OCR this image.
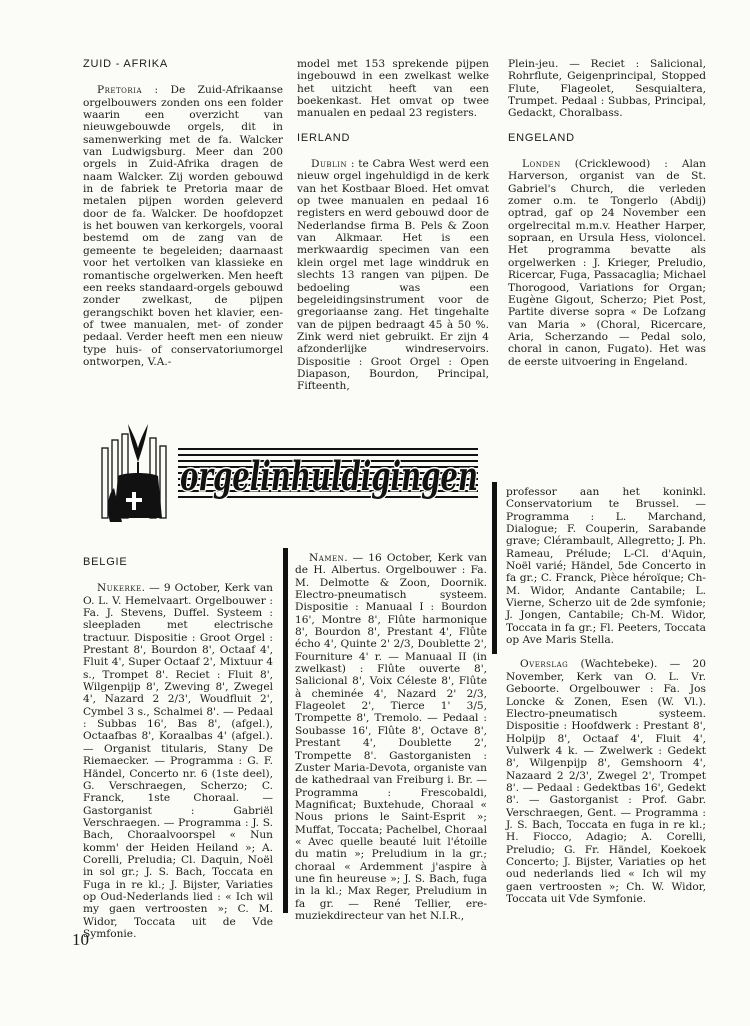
ZUID - AFRIKA

Pretoria : De Zuid-Afrikaanse orgelbouwers zonden ons een folder waarin een overzicht van nieuwgebouwde orgels, dit in samenwerking met de fa. Walcker van Ludwigsburg. Meer dan 200 orgels in Zuid-Afrika dragen de naam Walcker. Zij worden gebouwd in de fabriek te Pretoria maar de metalen pijpen worden geleverd door de fa. Walcker. De hoofdopzet is het bouwen van kerkorgels, vooral bestemd om de zang van de gemeente te begeleiden; daarnaast voor het vertolken van klassieke en romantische orgelwerken. Men heeft een reeks standaard-orgels gebouwd zonder zwelkast, de pijpen gerangschikt boven het klavier, een- of twee manualen, met- of zonder pedaal. Verder heeft men een nieuw type huis- of conservatoriumorgel ontworpen, V.A.-

model met 153 sprekende pijpen ingebouwd in een zwelkast welke het uitzicht heeft van een boekenkast. Het omvat op twee manualen en pedaal 23 registers.

IERLAND

Dublin : te Cabra West werd een nieuw orgel ingehuldigd in de kerk van het Kostbaar Bloed. Het omvat op twee manualen en pedaal 16 registers en werd gebouwd door de Nederlandse firma B. Pels & Zoon van Alkmaar. Het is een merkwaardig specimen van een klein orgel met lage winddruk en slechts 13 rangen van pijpen. De bedoeling was een begeleidingsinstrument voor de gregoriaanse zang. Het tingehalte van de pijpen bedraagt 45 à 50 %. Zink werd niet gebruikt. Er zijn 4 afzonderlijke windreservoirs. Dispositie : Groot Orgel : Open Diapason, Bourdon, Principal, Fifteenth,

Plein-jeu. — Reciet : Salicional, Rohrflute, Geigenprincipal, Stopped Flute, Flageolet, Sesquialtera, Trumpet. Pedaal : Subbas, Principal, Gedackt, Choralbass.

ENGELAND

Londen (Cricklewood) : Alan Harverson, organist van de St. Gabriel's Church, die verleden zomer o.m. te Tongerlo (Abdij) optrad, gaf op 24 November een orgelrecital m.m.v. Heather Harper, sopraan, en Ursula Hess, violoncel. Het programma bevatte als orgelwerken : J. Krieger, Preludio, Ricercar, Fuga, Passacaglia; Michael Thorogood, Variations for Organ; Eugène Gigout, Scherzo; Piet Post, Partite diverse sopra « De Lofzang van Maria » (Choral, Ricercare, Aria, Scherzando — Pedal solo, choral in canon, Fugato). Het was de eerste uitvoering in Engeland.

orgelinhuldigingen
BELGIE

Nukerke. — 9 October, Kerk van O. L. V. Hemelvaart. Orgelbouwer : Fa. J. Stevens, Duffel. Systeem : sleepladen met electrische tractuur. Dispositie : Groot Orgel : Prestant 8', Bourdon 8', Octaaf 4', Fluit 4', Super Octaaf 2', Mixtuur 4 s., Trompet 8'. Reciet : Fluit 8', Wilgenpijp 8', Zweving 8', Zwegel 4', Nazard 2 2/3', Woudfluit 2', Cymbel 3 s., Schalmei 8'. — Pedaal : Subbas 16', Bas 8', (afgel.), Octaafbas 8', Koraalbas 4' (afgel.). — Organist titularis, Stany De Riemaecker. — Programma : G. F. Händel, Concerto nr. 6 (1ste deel), G. Verschraegen, Scherzo; C. Franck, 1ste Choraal. — Gastorganist : Gabriël Verschraegen. — Programma : J. S. Bach, Choraalvoorspel « Nun komm' der Heiden Heiland »; A. Corelli, Preludia; Cl. Daquin, Noël in sol gr.; J. S. Bach, Toccata en Fuga in re kl.; J. Bijster, Variaties op Oud-Nederlands lied : « Ich wil my gaen vertroosten »; C. M. Widor, Toccata uit de Vde Symfonie.

Namen. — 16 October, Kerk van de H. Albertus. Orgelbouwer : Fa. M. Delmotte & Zoon, Doornik. Electro-pneumatisch systeem. Dispositie : Manuaal I : Bourdon 16', Montre 8', Flûte harmonique 8', Bourdon 8', Prestant 4', Flûte écho 4', Quinte 2' 2/3, Doublette 2', Fourniture 4' r. — Manuaal II (in zwelkast) : Flûte ouverte 8', Salicional 8', Voix Céleste 8', Flûte à cheminée 4', Nazard 2' 2/3, Flageolet 2', Tierce 1' 3/5, Trompette 8', Tremolo. — Pedaal : Soubasse 16', Flûte 8', Octave 8', Prestant 4', Doublette 2', Trompette 8'. Gastorganisten : Zuster Maria-Devota, organiste van de kathedraal van Freiburg i. Br. — Programma : Frescobaldi, Magnificat; Buxtehude, Choraal « Nous prions le Saint-Esprit »; Muffat, Toccata; Pachelbel, Choraal « Avec quelle beauté luit l'étoille du matin »; Preludium in la gr.; choraal « Ardemment j'aspire à une fin heureuse »; J. S. Bach, fuga in la kl.; Max Reger, Preludium in fa gr. — René Tellier, ere-muziekdirecteur van het N.I.R.,

professor aan het koninkl. Conservatorium te Brussel. — Programma : L. Marchand, Dialogue; F. Couperin, Sarabande grave; Clérambault, Allegretto; J. Ph. Rameau, Prélude; L-Cl. d'Aquin, Noël varié; Händel, 5de Concerto in fa gr.; C. Franck, Pièce héroïque; Ch-M. Widor, Andante Cantabile; L. Vierne, Scherzo uit de 2de symfonie; J. Jongen, Cantabile; Ch-M. Widor, Toccata in fa gr.; Fl. Peeters, Toccata op Ave Maris Stella.

Overslag (Wachtebeke). — 20 November, Kerk van O. L. Vr. Geboorte. Orgelbouwer : Fa. Jos Loncke & Zonen, Esen (W. Vl.). Electro-pneumatisch systeem. Dispositie : Hoofdwerk : Prestant 8', Holpijp 8', Octaaf 4', Fluit 4', Vulwerk 4 k. — Zwelwerk : Gedekt 8', Wilgenpijp 8', Gemshoorn 4', Nazaard 2 2/3', Zwegel 2', Trompet 8'. — Pedaal : Gedektbas 16', Gedekt 8'. — Gastorganist : Prof. Gabr. Verschraegen, Gent. — Programma : J. S. Bach, Toccata en fuga in re kl.; H. Fiocco, Adagio; A. Corelli, Preludio; G. Fr. Händel, Koekoek Concerto; J. Bijster, Variaties op het oud nederlands lied « Ich wil my gaen vertroosten »; Ch. W. Widor, Toccata uit Vde Symfonie.

10
